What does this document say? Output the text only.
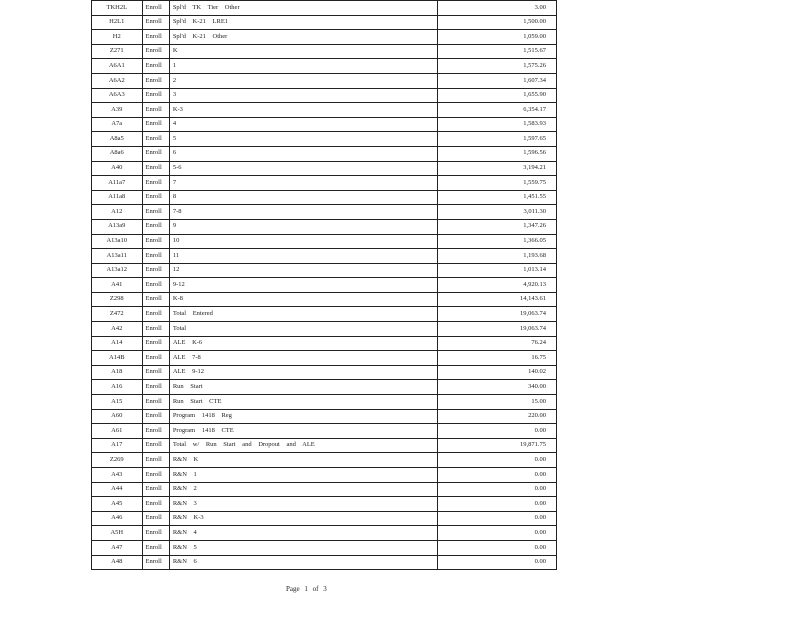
TKH2L	Enroll	Spl'd TK Tier Other	3.00
H2L1	Enroll	Spl'd K-21 LRE1	1,500.00
H2	Enroll	Spl'd K-21 Other	1,059.00
Z271	Enroll	K	1,515.67
A6A1	Enroll	1	1,575.26
A6A2	Enroll	2	1,607.34
A6A3	Enroll	3	1,655.90
A39	Enroll	K-3	6,354.17
A7a	Enroll	4	1,583.93
A8a5	Enroll	5	1,597.65
A8a6	Enroll	6	1,596.56
A40	Enroll	5-6	3,194.21
A11a7	Enroll	7	1,559.75
A11a8	Enroll	8	1,451.55
A12	Enroll	7-8	3,011.30
A13a9	Enroll	9	1,347.26
A13a10	Enroll	10	1,366.05
A13a11	Enroll	11	1,193.68
A13a12	Enroll	12	1,013.14
A41	Enroll	9-12	4,920.13
Z298	Enroll	K-8	14,143.61
Z472	Enroll	Total Entered	19,063.74
A42	Enroll	Total	19,063.74
A14	Enroll	ALE K-6	76.24
A14B	Enroll	ALE 7-8	16.75
A18	Enroll	ALE 9-12	140.02
A16	Enroll	Run Start	340.00
A15	Enroll	Run Start CTE	15.00
A60	Enroll	Program 1418 Reg	220.00
A61	Enroll	Program 1418 CTE	0.00
A17	Enroll	Total w/ Run Start and Dropout and ALE	19,871.75
Z269	Enroll	R&N K	0.00
A43	Enroll	R&N 1	0.00
A44	Enroll	R&N 2	0.00
A45	Enroll	R&N 3	0.00
A46	Enroll	R&N K-3	0.00
A5H	Enroll	R&N 4	0.00
A47	Enroll	R&N 5	0.00
A48	Enroll	R&N 6	0.00
Page 1 of 3
